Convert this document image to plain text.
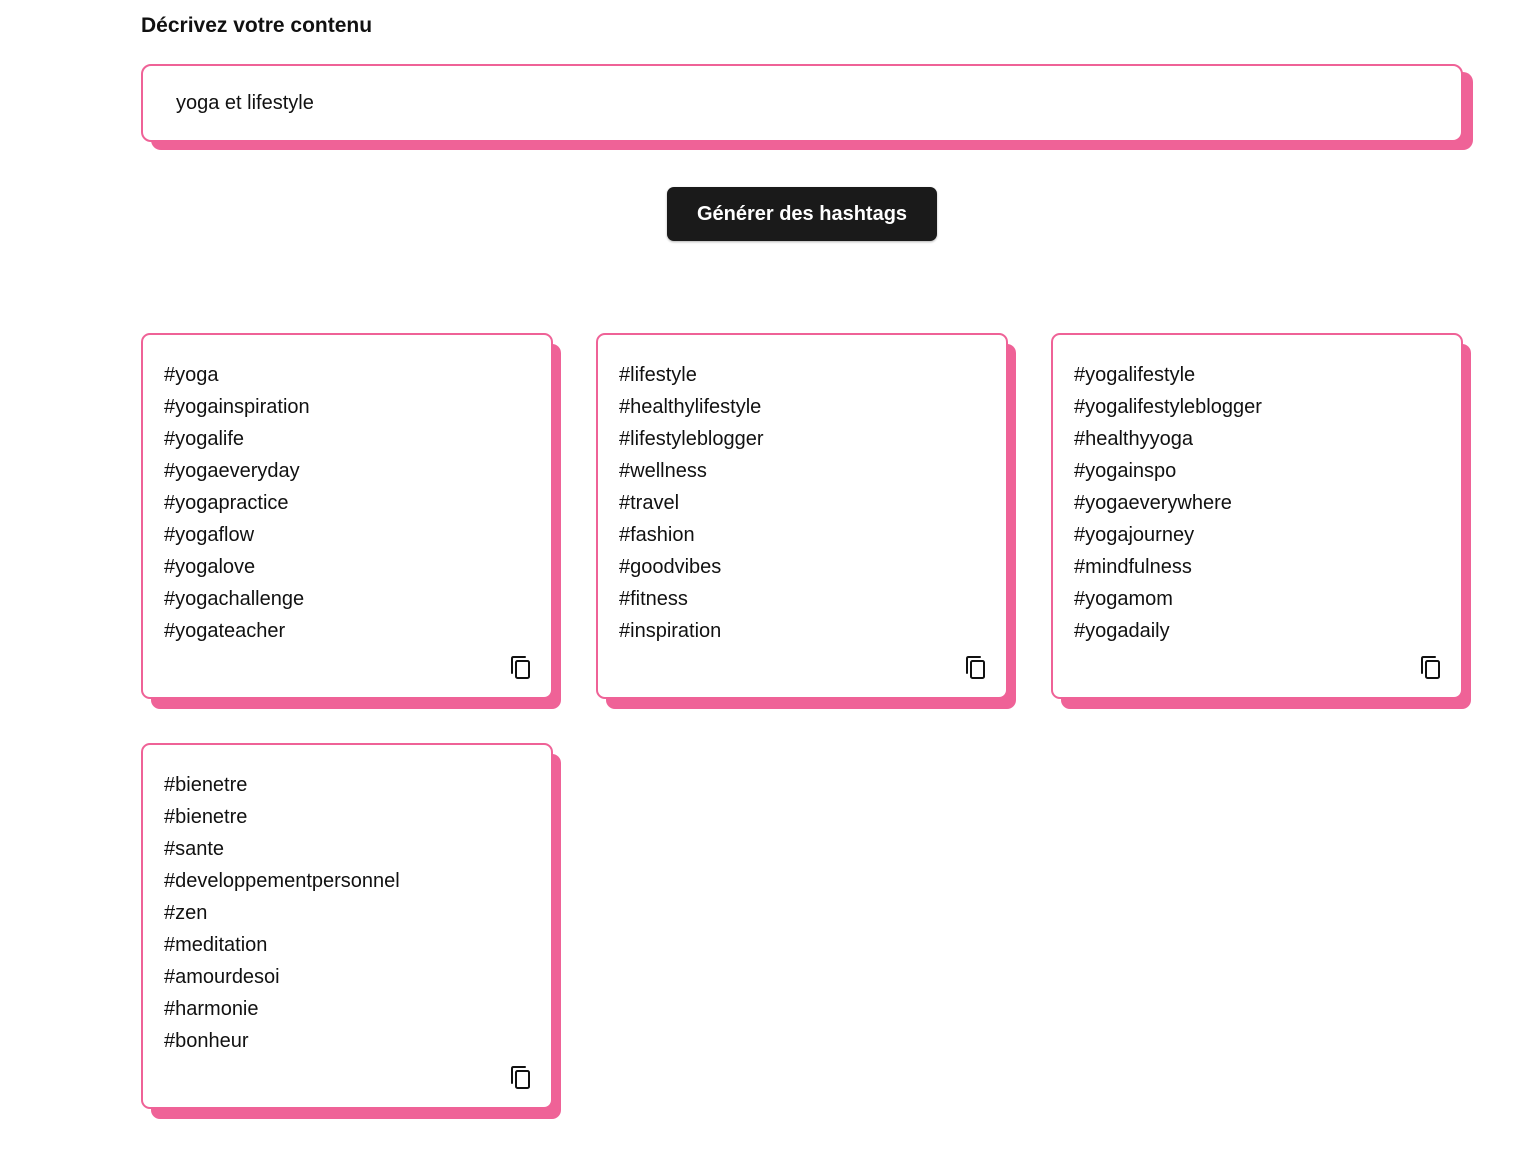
Décrivez votre contenu
yoga et lifestyle
Générer des hashtags
#yoga
#yogainspiration
#yogalife
#yogaeveryday
#yogapractice
#yogaflow
#yogalove
#yogachallenge
#yogateacher
#lifestyle
#healthylifestyle
#lifestyleblogger
#wellness
#travel
#fashion
#goodvibes
#fitness
#inspiration
#yogalifestyle
#yogalifestyleblogger
#healthyyoga
#yogainspo
#yogaeverywhere
#yogajourney
#mindfulness
#yogamom
#yogadaily
#bienetre
#bienetre
#sante
#developpementpersonnel
#zen
#meditation
#amourdesoi
#harmonie
#bonheur
